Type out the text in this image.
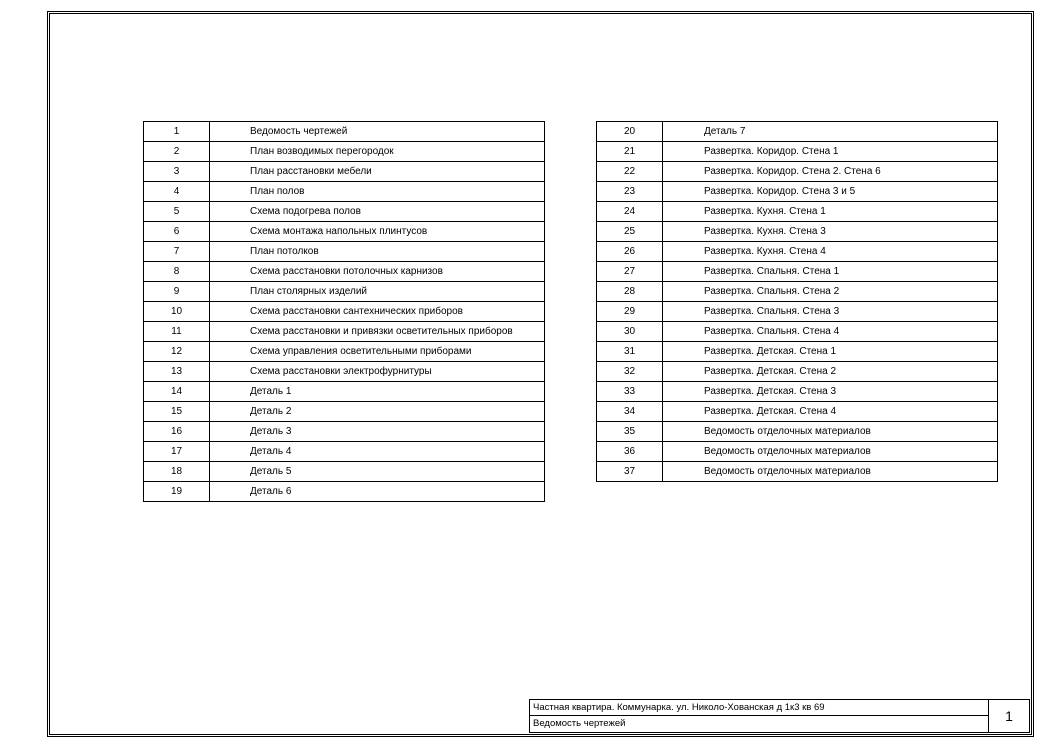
1	Ведомость чертежей
2	План возводимых перегородок
3	План расстановки мебели
4	План полов
5	Схема подогрева полов
6	Схема монтажа напольных плинтусов
7	План потолков
8	Схема расстановки потолочных карнизов
9	План столярных изделий
10	Схема расстановки сантехнических приборов
11	Схема расстановки и привязки осветительных приборов
12	Схема управления осветительными приборами
13	Схема расстановки электрофурнитуры
14	Деталь 1
15	Деталь 2
16	Деталь 3
17	Деталь 4
18	Деталь 5
19	Деталь 6
20	Деталь 7
21	Развертка. Коридор. Стена 1
22	Развертка. Коридор. Стена 2. Стена 6
23	Развертка. Коридор. Стена 3 и 5
24	Развертка. Кухня. Стена 1
25	Развертка. Кухня. Стена 3
26	Развертка. Кухня. Стена 4
27	Развертка. Спальня. Стена 1
28	Развертка. Спальня. Стена 2
29	Развертка. Спальня. Стена 3
30	Развертка. Спальня. Стена 4
31	Развертка. Детская. Стена 1
32	Развертка. Детская. Стена 2
33	Развертка. Детская. Стена 3
34	Развертка. Детская. Стена 4
35	Ведомость отделочных материалов
36	Ведомость отделочных материалов
37	Ведомость отделочных материалов
Частная квартира. Коммунарка. ул. Николо-Хованская д 1к3 кв 69
Ведомость чертежей	1
